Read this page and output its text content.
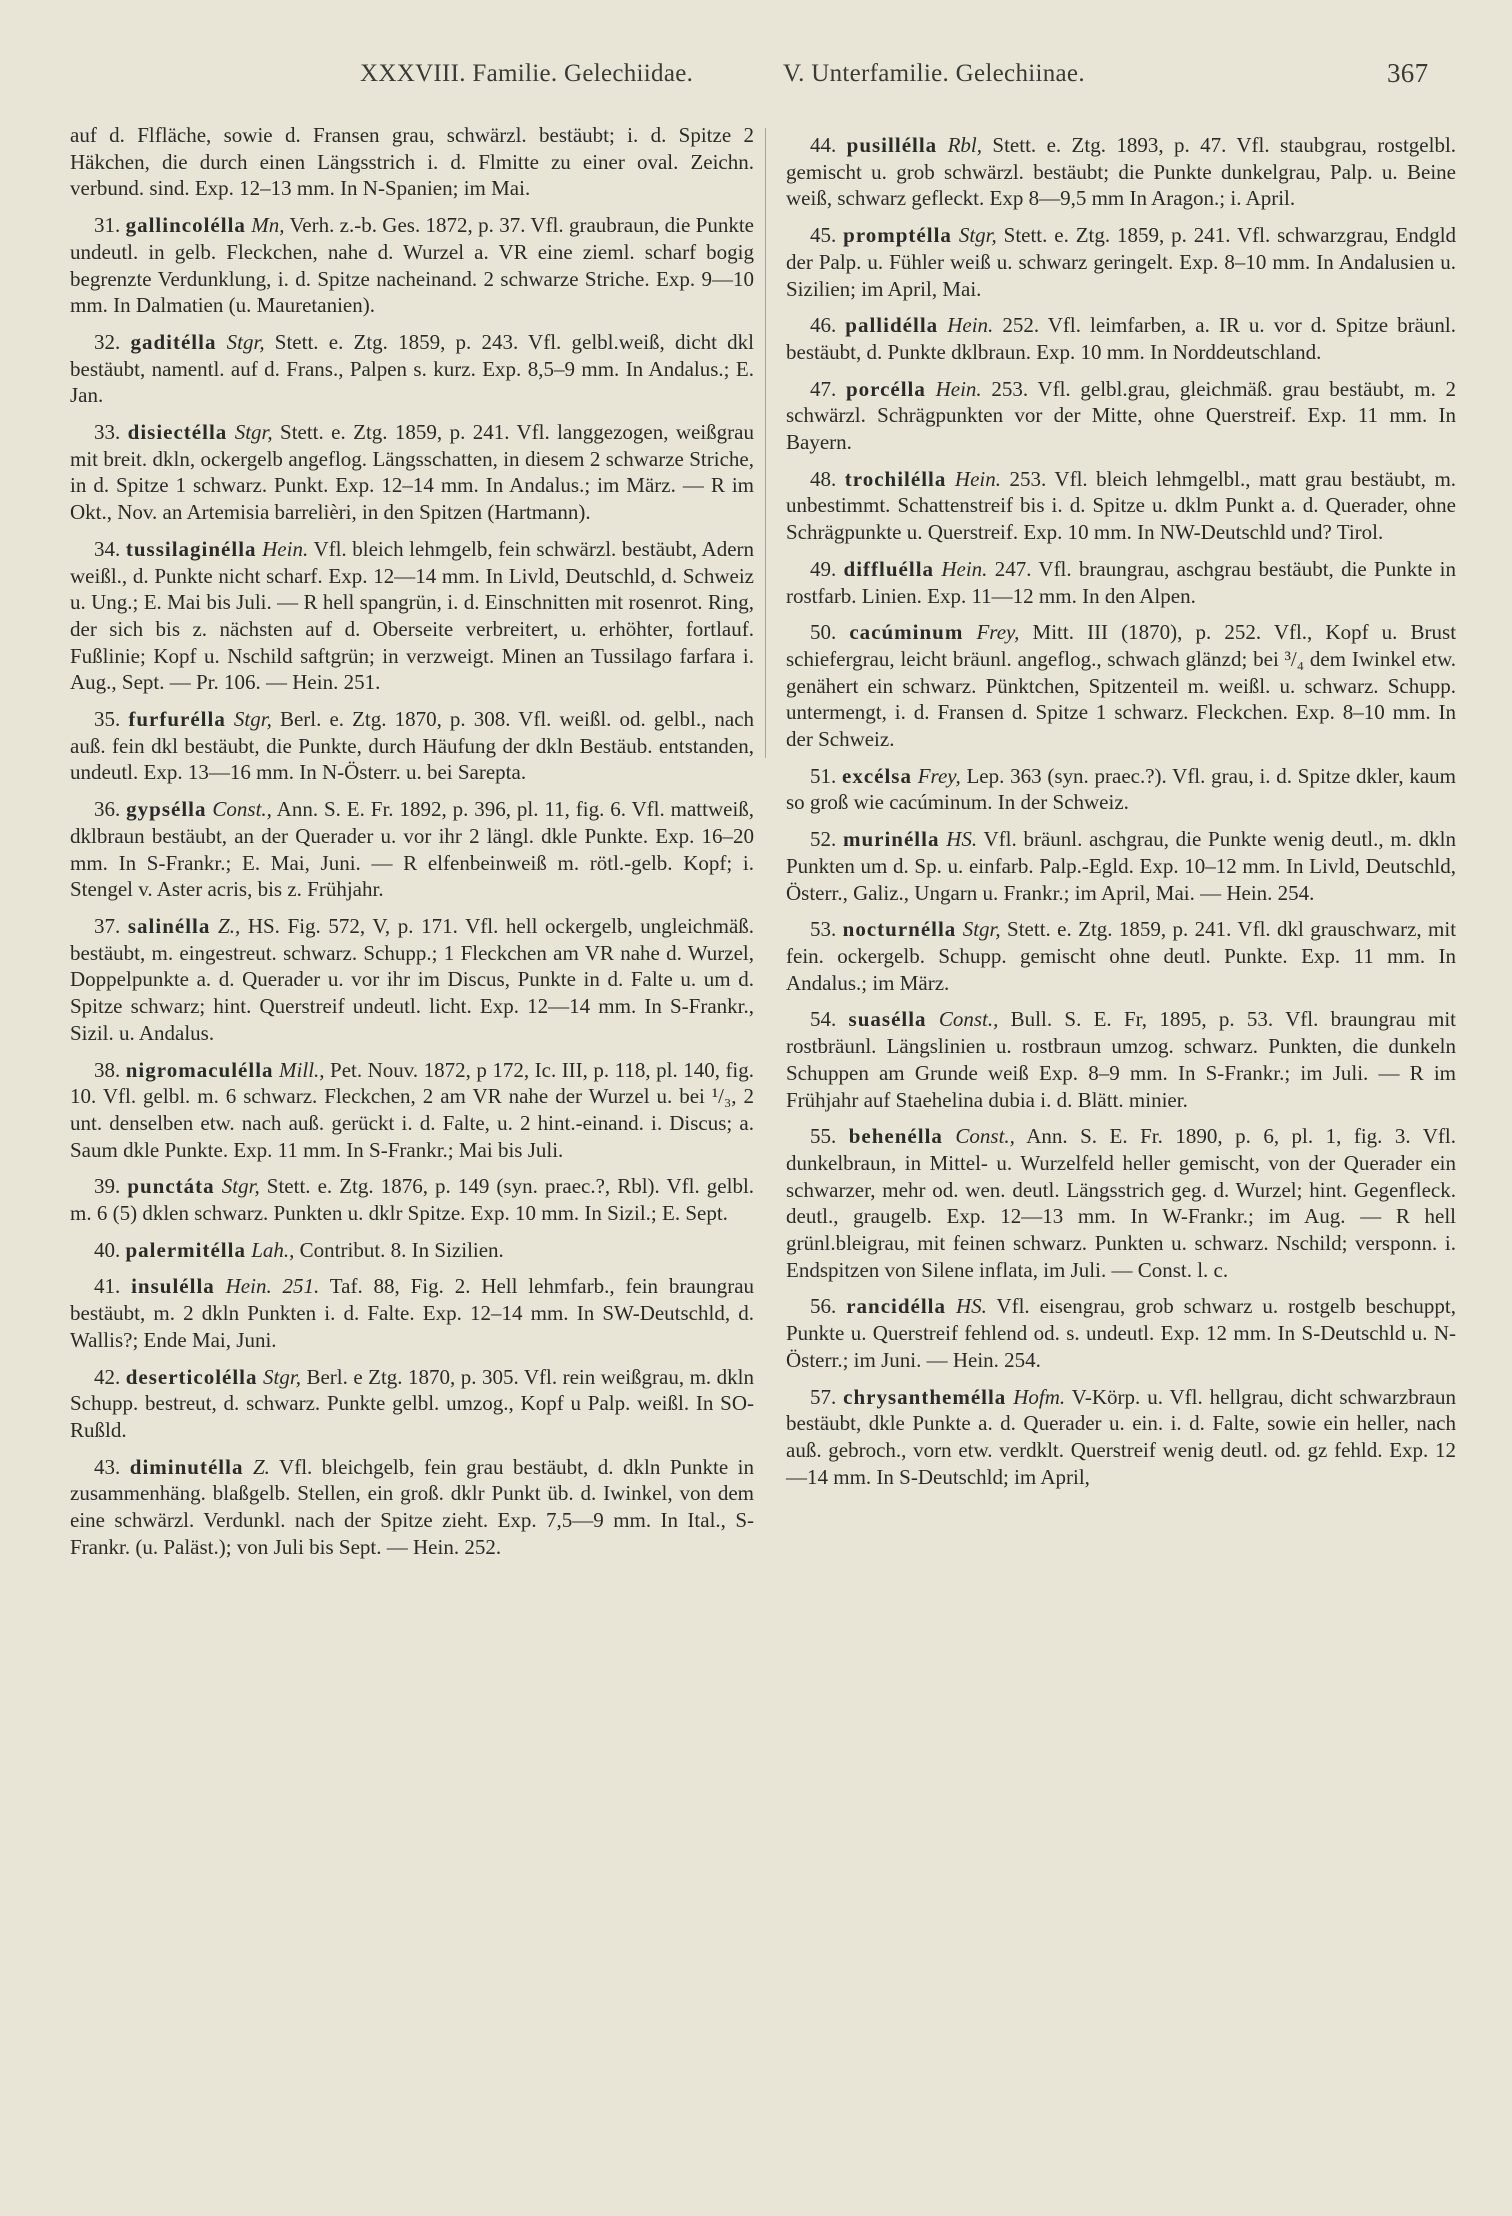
XXXVIII. Familie. Gelechiidae.	V. Unterfamilie. Gelechiinae.	367

auf d. Flfläche, sowie d. Fransen grau, schwärzl. bestäubt; i. d. Spitze 2 Häkchen, die durch einen Längsstrich i. d. Flmitte zu einer oval. Zeichn. verbund. sind. Exp. 12–13 mm. In N-Spanien; im Mai.

31. gallincolélla Mn, Verh. z.-b. Ges. 1872, p. 37. Vfl. graubraun, die Punkte undeutl. in gelb. Fleckchen, nahe d. Wurzel a. VR eine zieml. scharf bogig begrenzte Verdunklung, i. d. Spitze nacheinand. 2 schwarze Striche. Exp. 9—10 mm. In Dalmatien (u. Mauretanien).

32. gaditélla Stgr, Stett. e. Ztg. 1859, p. 243. Vfl. gelbl.weiß, dicht dkl bestäubt, namentl. auf d. Frans., Palpen s. kurz. Exp. 8,5–9 mm. In Andalus.; E. Jan.

33. disiectélla Stgr, Stett. e. Ztg. 1859, p. 241. Vfl. langgezogen, weißgrau mit breit. dkln, ockergelb angeflog. Längsschatten, in diesem 2 schwarze Striche, in d. Spitze 1 schwarz. Punkt. Exp. 12–14 mm. In Andalus.; im März. — R im Okt., Nov. an Artemisia barrelièri, in den Spitzen (Hartmann).

34. tussilaginélla Hein. Vfl. bleich lehmgelb, fein schwärzl. bestäubt, Adern weißl., d. Punkte nicht scharf. Exp. 12—14 mm. In Livld, Deutschld, d. Schweiz u. Ung.; E. Mai bis Juli. — R hell spangrün, i. d. Einschnitten mit rosenrot. Ring, der sich bis z. nächsten auf d. Oberseite verbreitert, u. erhöhter, fortlauf. Fußlinie; Kopf u. Nschild saftgrün; in verzweigt. Minen an Tussilago farfara i. Aug., Sept. — Pr. 106. — Hein. 251.

35. furfurélla Stgr, Berl. e. Ztg. 1870, p. 308. Vfl. weißl. od. gelbl., nach auß. fein dkl bestäubt, die Punkte, durch Häufung der dkln Bestäub. entstanden, undeutl. Exp. 13—16 mm. In N-Österr. u. bei Sarepta.

36. gypsélla Const., Ann. S. E. Fr. 1892, p. 396, pl. 11, fig. 6. Vfl. mattweiß, dklbraun bestäubt, an der Querader u. vor ihr 2 längl. dkle Punkte. Exp. 16–20 mm. In S-Frankr.; E. Mai, Juni. — R elfenbeinweiß m. rötl.-gelb. Kopf; i. Stengel v. Aster acris, bis z. Frühjahr.

37. salinélla Z., HS. Fig. 572, V, p. 171. Vfl. hell ockergelb, ungleichmäß. bestäubt, m. eingestreut. schwarz. Schupp.; 1 Fleckchen am VR nahe d. Wurzel, Doppelpunkte a. d. Querader u. vor ihr im Discus, Punkte in d. Falte u. um d. Spitze schwarz; hint. Querstreif undeutl. licht. Exp. 12—14 mm. In S-Frankr., Sizil. u. Andalus.

38. nigromaculélla Mill., Pet. Nouv. 1872, p 172, Ic. III, p. 118, pl. 140, fig. 10. Vfl. gelbl. m. 6 schwarz. Fleckchen, 2 am VR nahe der Wurzel u. bei ¹/₃, 2 unt. denselben etw. nach auß. gerückt i. d. Falte, u. 2 hint.-einand. i. Discus; a. Saum dkle Punkte. Exp. 11 mm. In S-Frankr.; Mai bis Juli.

39. punctáta Stgr, Stett. e. Ztg. 1876, p. 149 (syn. praec.?, Rbl). Vfl. gelbl. m. 6 (5) dklen schwarz. Punkten u. dklr Spitze. Exp. 10 mm. In Sizil.; E. Sept.

40. palermitélla Lah., Contribut. 8. In Sizilien.

41. insulélla Hein. 251. Taf. 88, Fig. 2. Hell lehmfarb., fein braungrau bestäubt, m. 2 dkln Punkten i. d. Falte. Exp. 12–14 mm. In SW-Deutschld, d. Wallis?; Ende Mai, Juni.

42. deserticolélla Stgr, Berl. e Ztg. 1870, p. 305. Vfl. rein weißgrau, m. dkln Schupp. bestreut, d. schwarz. Punkte gelbl. umzog., Kopf u Palp. weißl. In SO-Rußld.

43. diminutélla Z. Vfl. bleichgelb, fein grau bestäubt, d. dkln Punkte in zusammenhäng. blaßgelb. Stellen, ein groß. dklr Punkt üb. d. Iwinkel, von dem eine schwärzl. Verdunkl. nach der Spitze zieht. Exp. 7,5—9 mm. In Ital., S-Frankr. (u. Paläst.); von Juli bis Sept. — Hein. 252.

44. pusillélla Rbl, Stett. e. Ztg. 1893, p. 47. Vfl. staubgrau, rostgelbl. gemischt u. grob schwärzl. bestäubt; die Punkte dunkelgrau, Palp. u. Beine weiß, schwarz gefleckt. Exp 8—9,5 mm In Aragon.; i. April.

45. promptélla Stgr, Stett. e. Ztg. 1859, p. 241. Vfl. schwarzgrau, Endgld der Palp. u. Fühler weiß u. schwarz geringelt. Exp. 8–10 mm. In Andalusien u. Sizilien; im April, Mai.

46. pallidélla Hein. 252. Vfl. leimfarben, a. IR u. vor d. Spitze bräunl. bestäubt, d. Punkte dklbraun. Exp. 10 mm. In Norddeutschland.

47. porcélla Hein. 253. Vfl. gelbl.grau, gleichmäß. grau bestäubt, m. 2 schwärzl. Schrägpunkten vor der Mitte, ohne Querstreif. Exp. 11 mm. In Bayern.

48. trochilélla Hein. 253. Vfl. bleich lehmgelbl., matt grau bestäubt, m. unbestimmt. Schattenstreif bis i. d. Spitze u. dklm Punkt a. d. Querader, ohne Schrägpunkte u. Querstreif. Exp. 10 mm. In NW-Deutschld und? Tirol.

49. diffluélla Hein. 247. Vfl. braungrau, aschgrau bestäubt, die Punkte in rostfarb. Linien. Exp. 11—12 mm. In den Alpen.

50. cacúminum Frey, Mitt. III (1870), p. 252. Vfl., Kopf u. Brust schiefergrau, leicht bräunl. angeflog., schwach glänzd; bei ³/₄ dem Iwinkel etw. genähert ein schwarz. Pünktchen, Spitzenteil m. weißl. u. schwarz. Schupp. untermengt, i. d. Fransen d. Spitze 1 schwarz. Fleckchen. Exp. 8–10 mm. In der Schweiz.

51. excélsa Frey, Lep. 363 (syn. praec.?). Vfl. grau, i. d. Spitze dkler, kaum so groß wie cacúminum. In der Schweiz.

52. murinélla HS. Vfl. bräunl. aschgrau, die Punkte wenig deutl., m. dkln Punkten um d. Sp. u. einfarb. Palp.-Egld. Exp. 10–12 mm. In Livld, Deutschld, Österr., Galiz., Ungarn u. Frankr.; im April, Mai. — Hein. 254.

53. nocturnélla Stgr, Stett. e. Ztg. 1859, p. 241. Vfl. dkl grauschwarz, mit fein. ockergelb. Schupp. gemischt ohne deutl. Punkte. Exp. 11 mm. In Andalus.; im März.

54. suasélla Const., Bull. S. E. Fr, 1895, p. 53. Vfl. braungrau mit rostbräunl. Längslinien u. rostbraun umzog. schwarz. Punkten, die dunkeln Schuppen am Grunde weiß Exp. 8–9 mm. In S-Frankr.; im Juli. — R im Frühjahr auf Staehelina dubia i. d. Blätt. minier.

55. behenélla Const., Ann. S. E. Fr. 1890, p. 6, pl. 1, fig. 3. Vfl. dunkelbraun, in Mittel- u. Wurzelfeld heller gemischt, von der Querader ein schwarzer, mehr od. wen. deutl. Längsstrich geg. d. Wurzel; hint. Gegenfleck. deutl., graugelb. Exp. 12—13 mm. In W-Frankr.; im Aug. — R hell grünl.bleigrau, mit feinen schwarz. Punkten u. schwarz. Nschild; versponn. i. Endspitzen von Silene inflata, im Juli. — Const. l. c.

56. rancidélla HS. Vfl. eisengrau, grob schwarz u. rostgelb beschuppt, Punkte u. Querstreif fehlend od. s. undeutl. Exp. 12 mm. In S-Deutschld u. N-Österr.; im Juni. — Hein. 254.

57. chrysanthemélla Hofm. V-Körp. u. Vfl. hellgrau, dicht schwarzbraun bestäubt, dkle Punkte a. d. Querader u. ein. i. d. Falte, sowie ein heller, nach auß. gebroch., vorn etw. verdklt. Querstreif wenig deutl. od. gz fehld. Exp. 12—14 mm. In S-Deutschld; im April,
